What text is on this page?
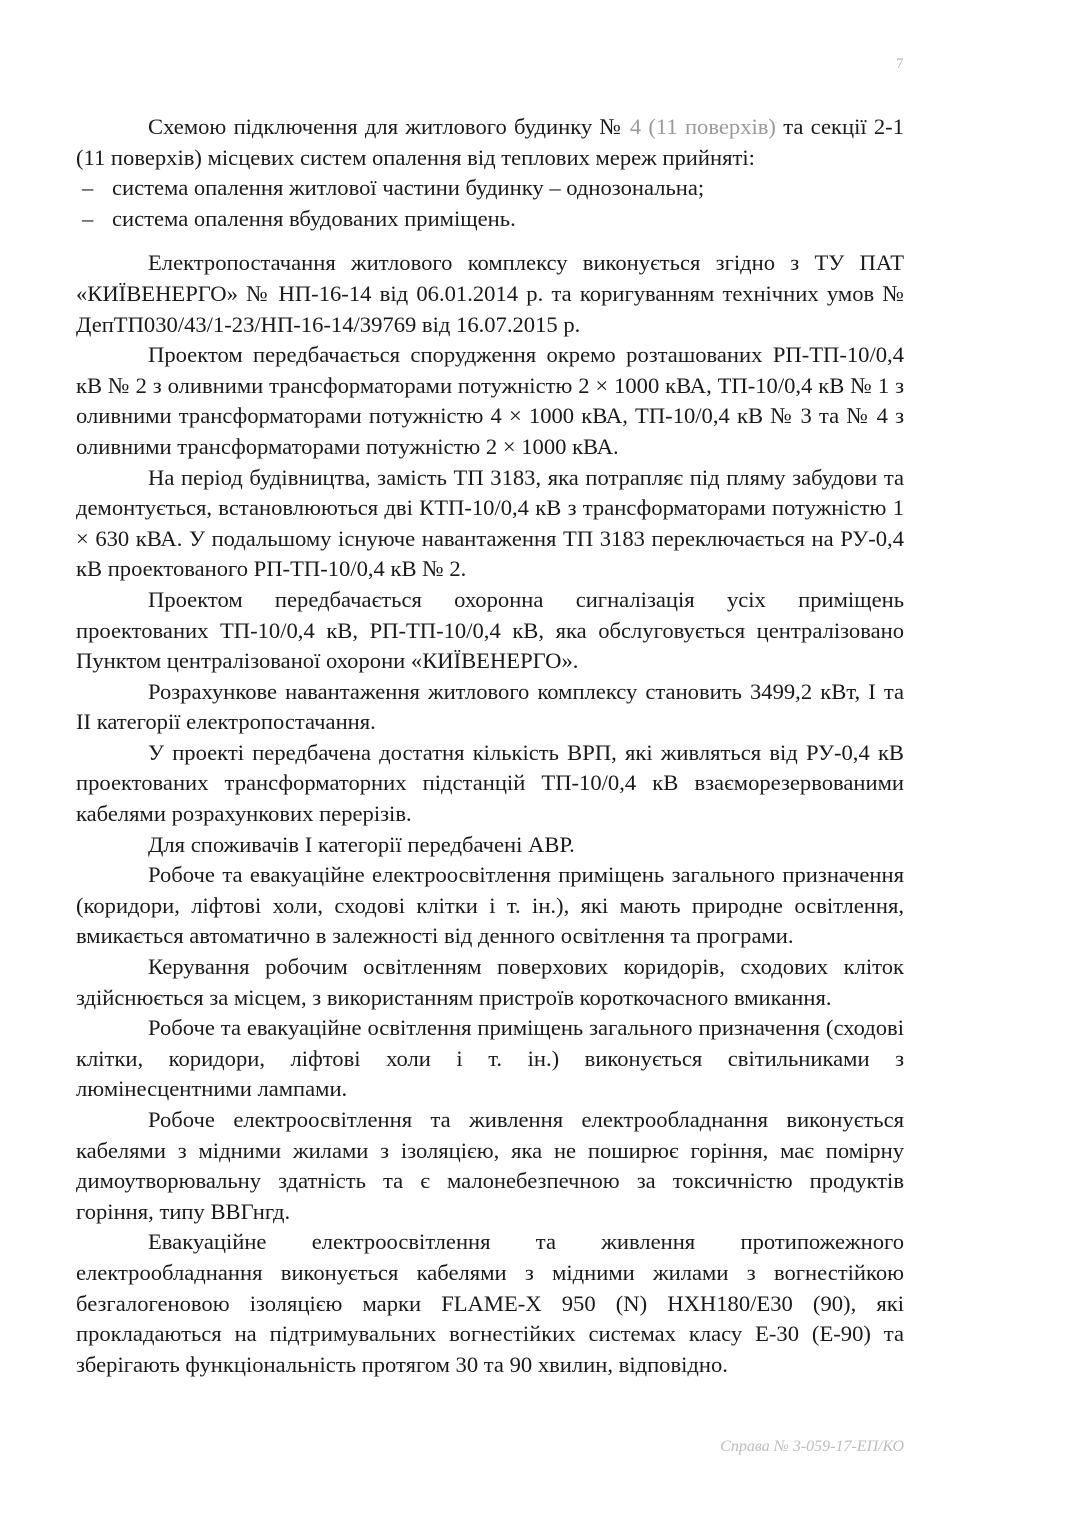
7

Схемою підключення для житлового будинку № 4 (11 поверхів) та секції 2-1 (11 поверхів) місцевих систем опалення від теплових мереж прийняті:

– система опалення житлової частини будинку – однозональна;
– система опалення вбудованих приміщень.

Електропостачання житлового комплексу виконується згідно з ТУ ПАТ «КИЇВЕНЕРГО» № НП-16-14 від 06.01.2014 р. та коригуванням технічних умов № ДепТП030/43/1-23/НП-16-14/39769 від 16.07.2015 р.

Проектом передбачається спорудження окремо розташованих РП-ТП-10/0,4 кВ № 2 з оливними трансформаторами потужністю 2 × 1000 кВА, ТП-10/0,4 кВ № 1 з оливними трансформаторами потужністю 4 × 1000 кВА, ТП-10/0,4 кВ № 3 та № 4 з оливними трансформаторами потужністю 2 × 1000 кВА.

На період будівництва, замість ТП 3183, яка потрапляє під пляму забудови та демонтується, встановлюються дві КТП-10/0,4 кВ з трансформаторами потужністю 1 × 630 кВА. У подальшому існуюче навантаження ТП 3183 переключається на РУ-0,4 кВ проектованого РП-ТП-10/0,4 кВ № 2.

Проектом передбачається охоронна сигналізація усіх приміщень проектованих ТП-10/0,4 кВ, РП-ТП-10/0,4 кВ, яка обслуговується централізовано Пунктом централізованої охорони «КИЇВЕНЕРГО».

Розрахункове навантаження житлового комплексу становить 3499,2 кВт, І та ІІ категорії електропостачання.

У проекті передбачена достатня кількість ВРП, які живляться від РУ-0,4 кВ проектованих трансформаторних підстанцій ТП-10/0,4 кВ взаєморезервованими кабелями розрахункових перерізів.

Для споживачів І категорії передбачені АВР.

Робоче та евакуаційне електроосвітлення приміщень загального призначення (коридори, ліфтові холи, сходові клітки і т. ін.), які мають природне освітлення, вмикається автоматично в залежності від денного освітлення та програми.

Керування робочим освітленням поверхових коридорів, сходових кліток здійснюється за місцем, з використанням пристроїв короткочасного вмикання.

Робоче та евакуаційне освітлення приміщень загального призначення (сходові клітки, коридори, ліфтові холи і т. ін.) виконується світильниками з люмінесцентними лампами.

Робоче електроосвітлення та живлення електрообладнання виконується кабелями з мідними жилами з ізоляцією, яка не поширює горіння, має помірну димоутворювальну здатність та є малонебезпечною за токсичністю продуктів горіння, типу ВВГнгд.

Евакуаційне електроосвітлення та живлення протипожежного електрообладнання виконується кабелями з мідними жилами з вогнестійкою безгалогеновою ізоляцією марки FLAME-X 950 (N) HXH180/E30 (90), які прокладаються на підтримувальних вогнестійких системах класу Е-30 (Е-90) та зберігають функціональність протягом 30 та 90 хвилин, відповідно.

Справа № 3-059-17-ЕП/КО
